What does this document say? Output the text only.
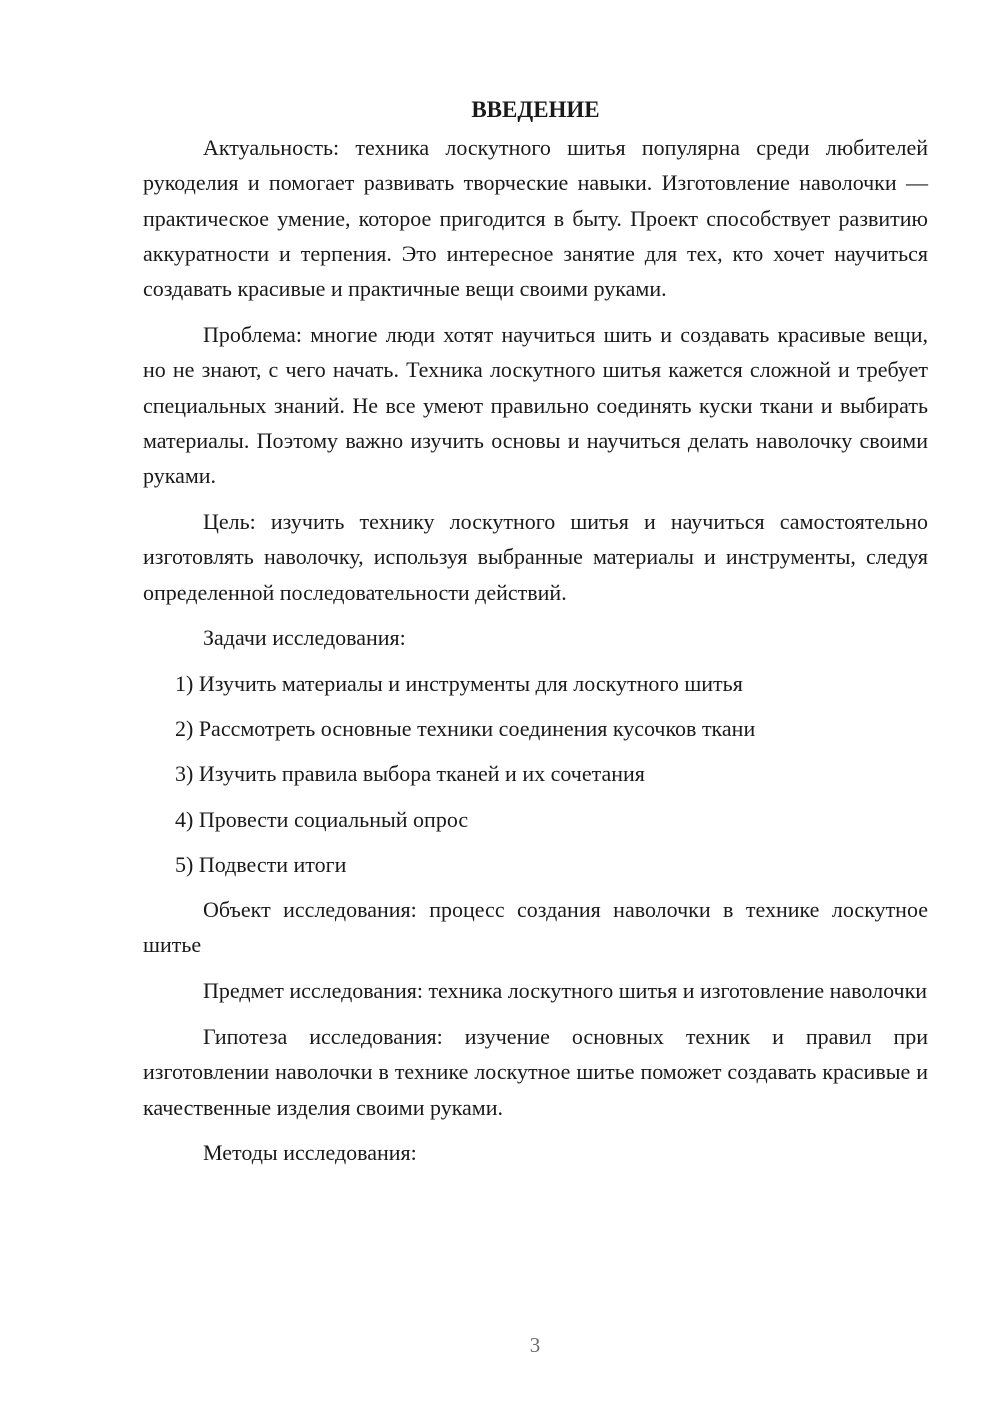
ВВЕДЕНИЕ

Актуальность: техника лоскутного шитья популярна среди любителей рукоделия и помогает развивать творческие навыки. Изготовление наволочки — практическое умение, которое пригодится в быту. Проект способствует развитию аккуратности и терпения. Это интересное занятие для тех, кто хочет научиться создавать красивые и практичные вещи своими руками.

Проблема: многие люди хотят научиться шить и создавать красивые вещи, но не знают, с чего начать. Техника лоскутного шитья кажется сложной и требует специальных знаний. Не все умеют правильно соединять куски ткани и выбирать материалы. Поэтому важно изучить основы и научиться делать наволочку своими руками.

Цель: изучить технику лоскутного шитья и научиться самостоятельно изготовлять наволочку, используя выбранные материалы и инструменты, следуя определенной последовательности действий.

Задачи исследования:
1) Изучить материалы и инструменты для лоскутного шитья
2) Рассмотреть основные техники соединения кусочков ткани
3) Изучить правила выбора тканей и их сочетания
4) Провести социальный опрос
5) Подвести итоги

Объект исследования: процесс создания наволочки в технике лоскутное шитье

Предмет исследования: техника лоскутного шитья и изготовление наволочки

Гипотеза исследования: изучение основных техник и правил при изготовлении наволочки в технике лоскутное шитье поможет создавать красивые и качественные изделия своими руками.

Методы исследования:
3
